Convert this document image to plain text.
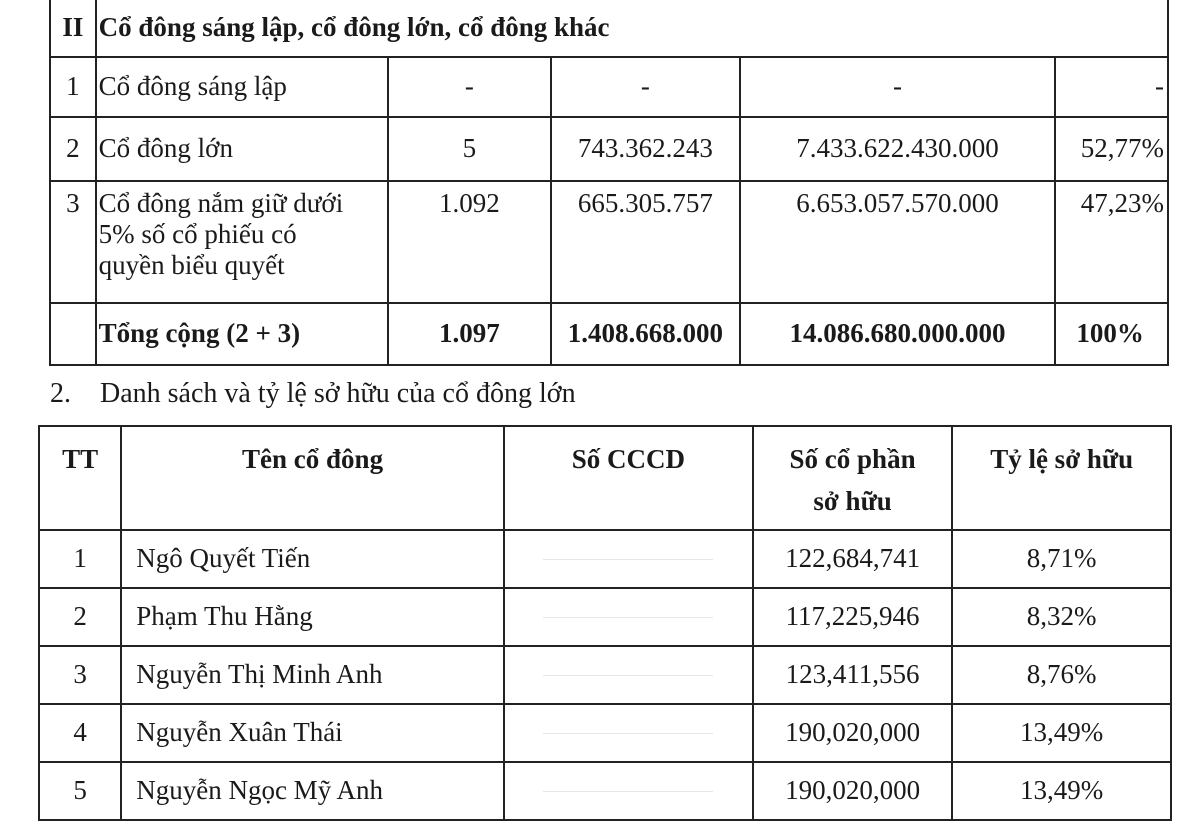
II	Cổ đông sáng lập, cổ đông lớn, cổ đông khác				
1	Cổ đông sáng lập	-	-	-	-
2	Cổ đông lớn	5	743.362.243	7.433.622.430.000	52,77%
3	Cổ đông nắm giữ dưới
5% số cổ phiếu có
quyền biểu quyết	1.092	665.305.757	6.653.057.570.000	47,23%
	Tổng cộng (2 + 3)	1.097	1.408.668.000	14.086.680.000.000	100%

2. Danh sách và tỷ lệ sở hữu của cổ đông lớn

TT	Tên cổ đông	Số CCCD	Số cổ phần
sở hữu	Tỷ lệ sở hữu
1	Ngô Quyết Tiến		122,684,741	8,71%
2	Phạm Thu Hằng		117,225,946	8,32%
3	Nguyễn Thị Minh Anh		123,411,556	8,76%
4	Nguyễn Xuân Thái		190,020,000	13,49%
5	Nguyễn Ngọc Mỹ Anh		190,020,000	13,49%
